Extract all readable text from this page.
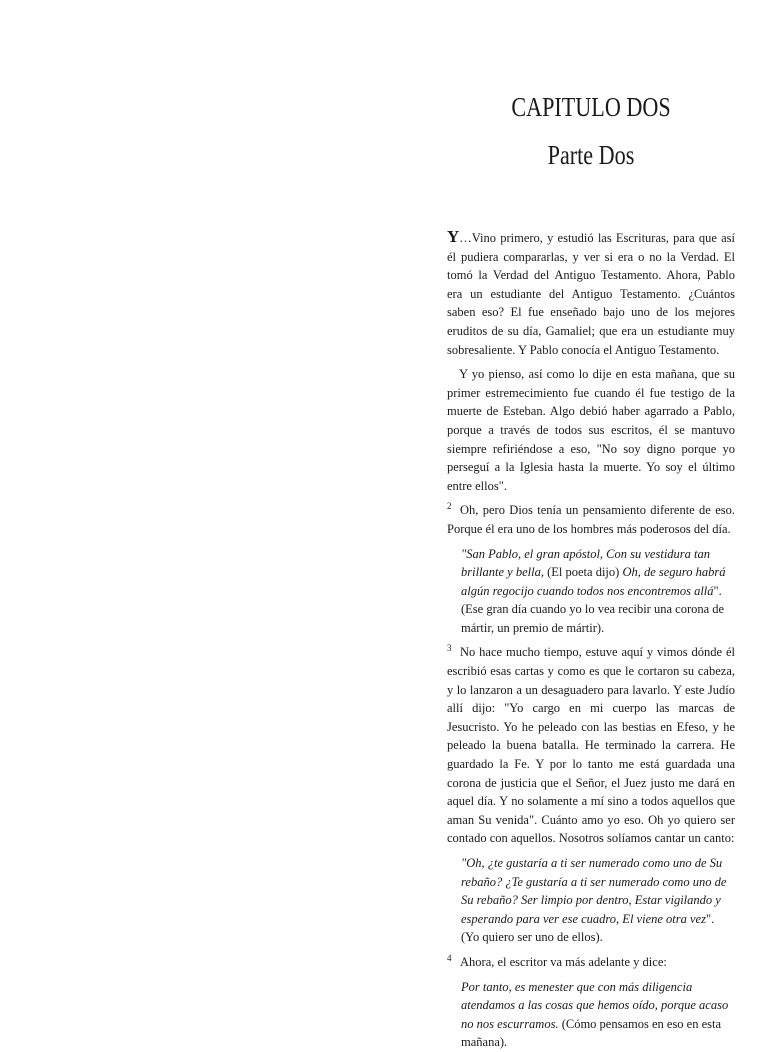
CAPITULO DOS
Parte Dos

Y…Vino primero, y estudió las Escrituras, para que así él pudiera compararlas, y ver si era o no la Verdad. El tomó la Verdad del Antiguo Testamento. Ahora, Pablo era un estudiante del Antiguo Testamento. ¿Cuántos saben eso? El fue enseñado bajo uno de los mejores eruditos de su día, Gamaliel; que era un estudiante muy sobresaliente. Y Pablo conocía el Antiguo Testamento.

Y yo pienso, así como lo dije en esta mañana, que su primer estremecimiento fue cuando él fue testigo de la muerte de Esteban. Algo debió haber agarrado a Pablo, porque a través de todos sus escritos, él se mantuvo siempre refiriéndose a eso, "No soy digno porque yo perseguí a la Iglesia hasta la muerte. Yo soy el último entre ellos".

2 Oh, pero Dios tenía un pensamiento diferente de eso. Porque él era uno de los hombres más poderosos del día.

"San Pablo, el gran apóstol, Con su vestidura tan brillante y bella, (El poeta dijo) Oh, de seguro habrá algún regocijo cuando todos nos encontremos allá". (Ese gran día cuando yo lo vea recibir una corona de mártir, un premio de mártir).

3 No hace mucho tiempo, estuve aquí y vimos dónde él escribió esas cartas y como es que le cortaron su cabeza, y lo lanzaron a un desaguadero para lavarlo. Y este Judío allí dijo: "Yo cargo en mi cuerpo las marcas de Jesucristo. Yo he peleado con las bestias en Efeso, y he peleado la buena batalla. He terminado la carrera. He guardado la Fe. Y por lo tanto me está guardada una corona de justicia que el Señor, el Juez justo me dará en aquel día. Y no solamente a mí sino a todos aquellos que aman Su venida". Cuánto amo yo eso. Oh yo quiero ser contado con aquellos. Nosotros solíamos cantar un canto:

"Oh, ¿te gustaría a ti ser numerado como uno de Su rebaño? ¿Te gustaría a ti ser numerado como uno de Su rebaño? Ser limpio por dentro, Estar vigilando y esperando para ver ese cuadro, El viene otra vez". (Yo quiero ser uno de ellos).

4 Ahora, el escritor va más adelante y dice:

Por tanto, es menester que con más diligencia atendamos a las cosas que hemos oído, porque acaso no nos escurramos. (Cómo pensamos en eso en esta mañana).
